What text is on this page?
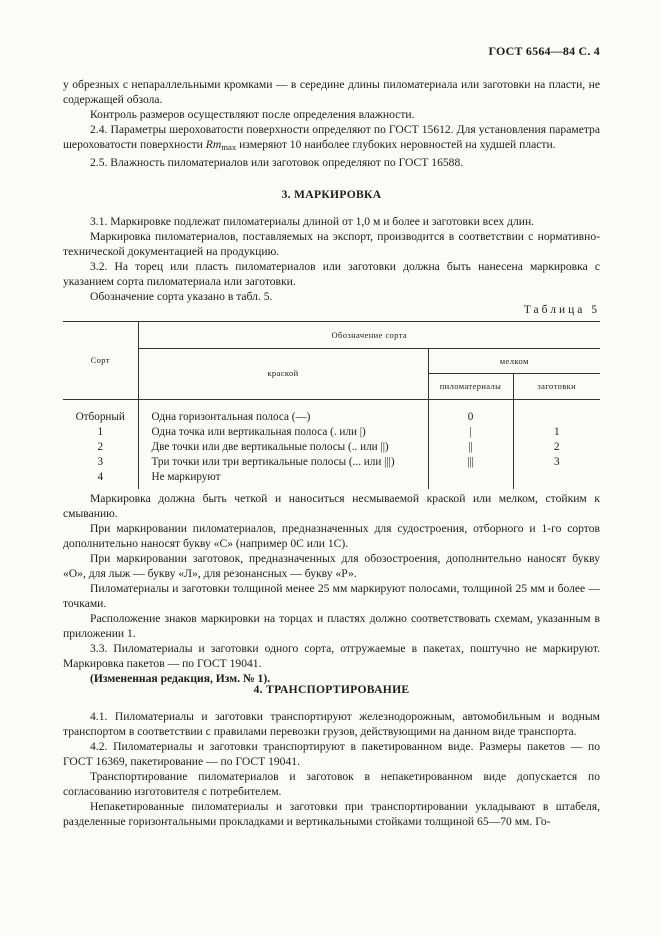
ГОСТ 6564—84 С. 4

у обрезных с непараллельными кромками — в середине длины пиломатериала или заготовки на пласти, не содержащей обзола.

Контроль размеров осуществляют после определения влажности.

2.4. Параметры шероховатости поверхности определяют по ГОСТ 15612. Для установления параметра шероховатости поверхности $Rm_{max}$ измеряют 10 наиболее глубоких неровностей на худшей пласти.

2.5. Влажность пиломатериалов или заготовок определяют по ГОСТ 16588.

3. МАРКИРОВКА

3.1. Маркировке подлежат пиломатериалы длиной от 1,0 м и более и заготовки всех длин.

Маркировка пиломатериалов, поставляемых на экспорт, производится в соответствии с нормативно-технической документацией на продукцию.

3.2. На торец или пласть пиломатериалов или заготовки должна быть нанесена маркировка с указанием сорта пиломатериала или заготовки.

Обозначение сорта указано в табл. 5.

Таблица 5
Сорт	Обозначение сорта		
	краской	мелком	
		пиломатериалы	заготовки
Отборный	Одна горизонтальная полоса (—)	0	
1	Одна точка или вертикальная полоса (. или |)	|	1
2	Две точки или две вертикальные полосы (.. или ||)	||	2
3	Три точки или три вертикальные полосы (... или |||)	|||	3
4	Не маркируют		

Маркировка должна быть четкой и наноситься несмываемой краской или мелком, стойким к смыванию.

При маркировании пиломатериалов, предназначенных для судостроения, отборного и 1-го сортов дополнительно наносят букву «С» (например 0С или 1С).

При маркировании заготовок, предназначенных для обозостроения, дополнительно наносят букву «О», для лыж — букву «Л», для резонансных — букву «Р».

Пиломатериалы и заготовки толщиной менее 25 мм маркируют полосами, толщиной 25 мм и более — точками.

Расположение знаков маркировки на торцах и пластях должно соответствовать схемам, указанным в приложении 1.

3.3. Пиломатериалы и заготовки одного сорта, отгружаемые в пакетах, поштучно не маркируют. Маркировка пакетов — по ГОСТ 19041.

(Измененная редакция, Изм. № 1).

4. ТРАНСПОРТИРОВАНИЕ

4.1. Пиломатериалы и заготовки транспортируют железнодорожным, автомобильным и водным транспортом в соответствии с правилами перевозки грузов, действующими на данном виде транспорта.

4.2. Пиломатериалы и заготовки транспортируют в пакетированном виде. Размеры пакетов — по ГОСТ 16369, пакетирование — по ГОСТ 19041.

Транспортирование пиломатериалов и заготовок в непакетированном виде допускается по согласованию изготовителя с потребителем.

Непакетированные пиломатериалы и заготовки при транспортировании укладывают в штабеля, разделенные горизонтальными прокладками и вертикальными стойками толщиной 65—70 мм. Го-
